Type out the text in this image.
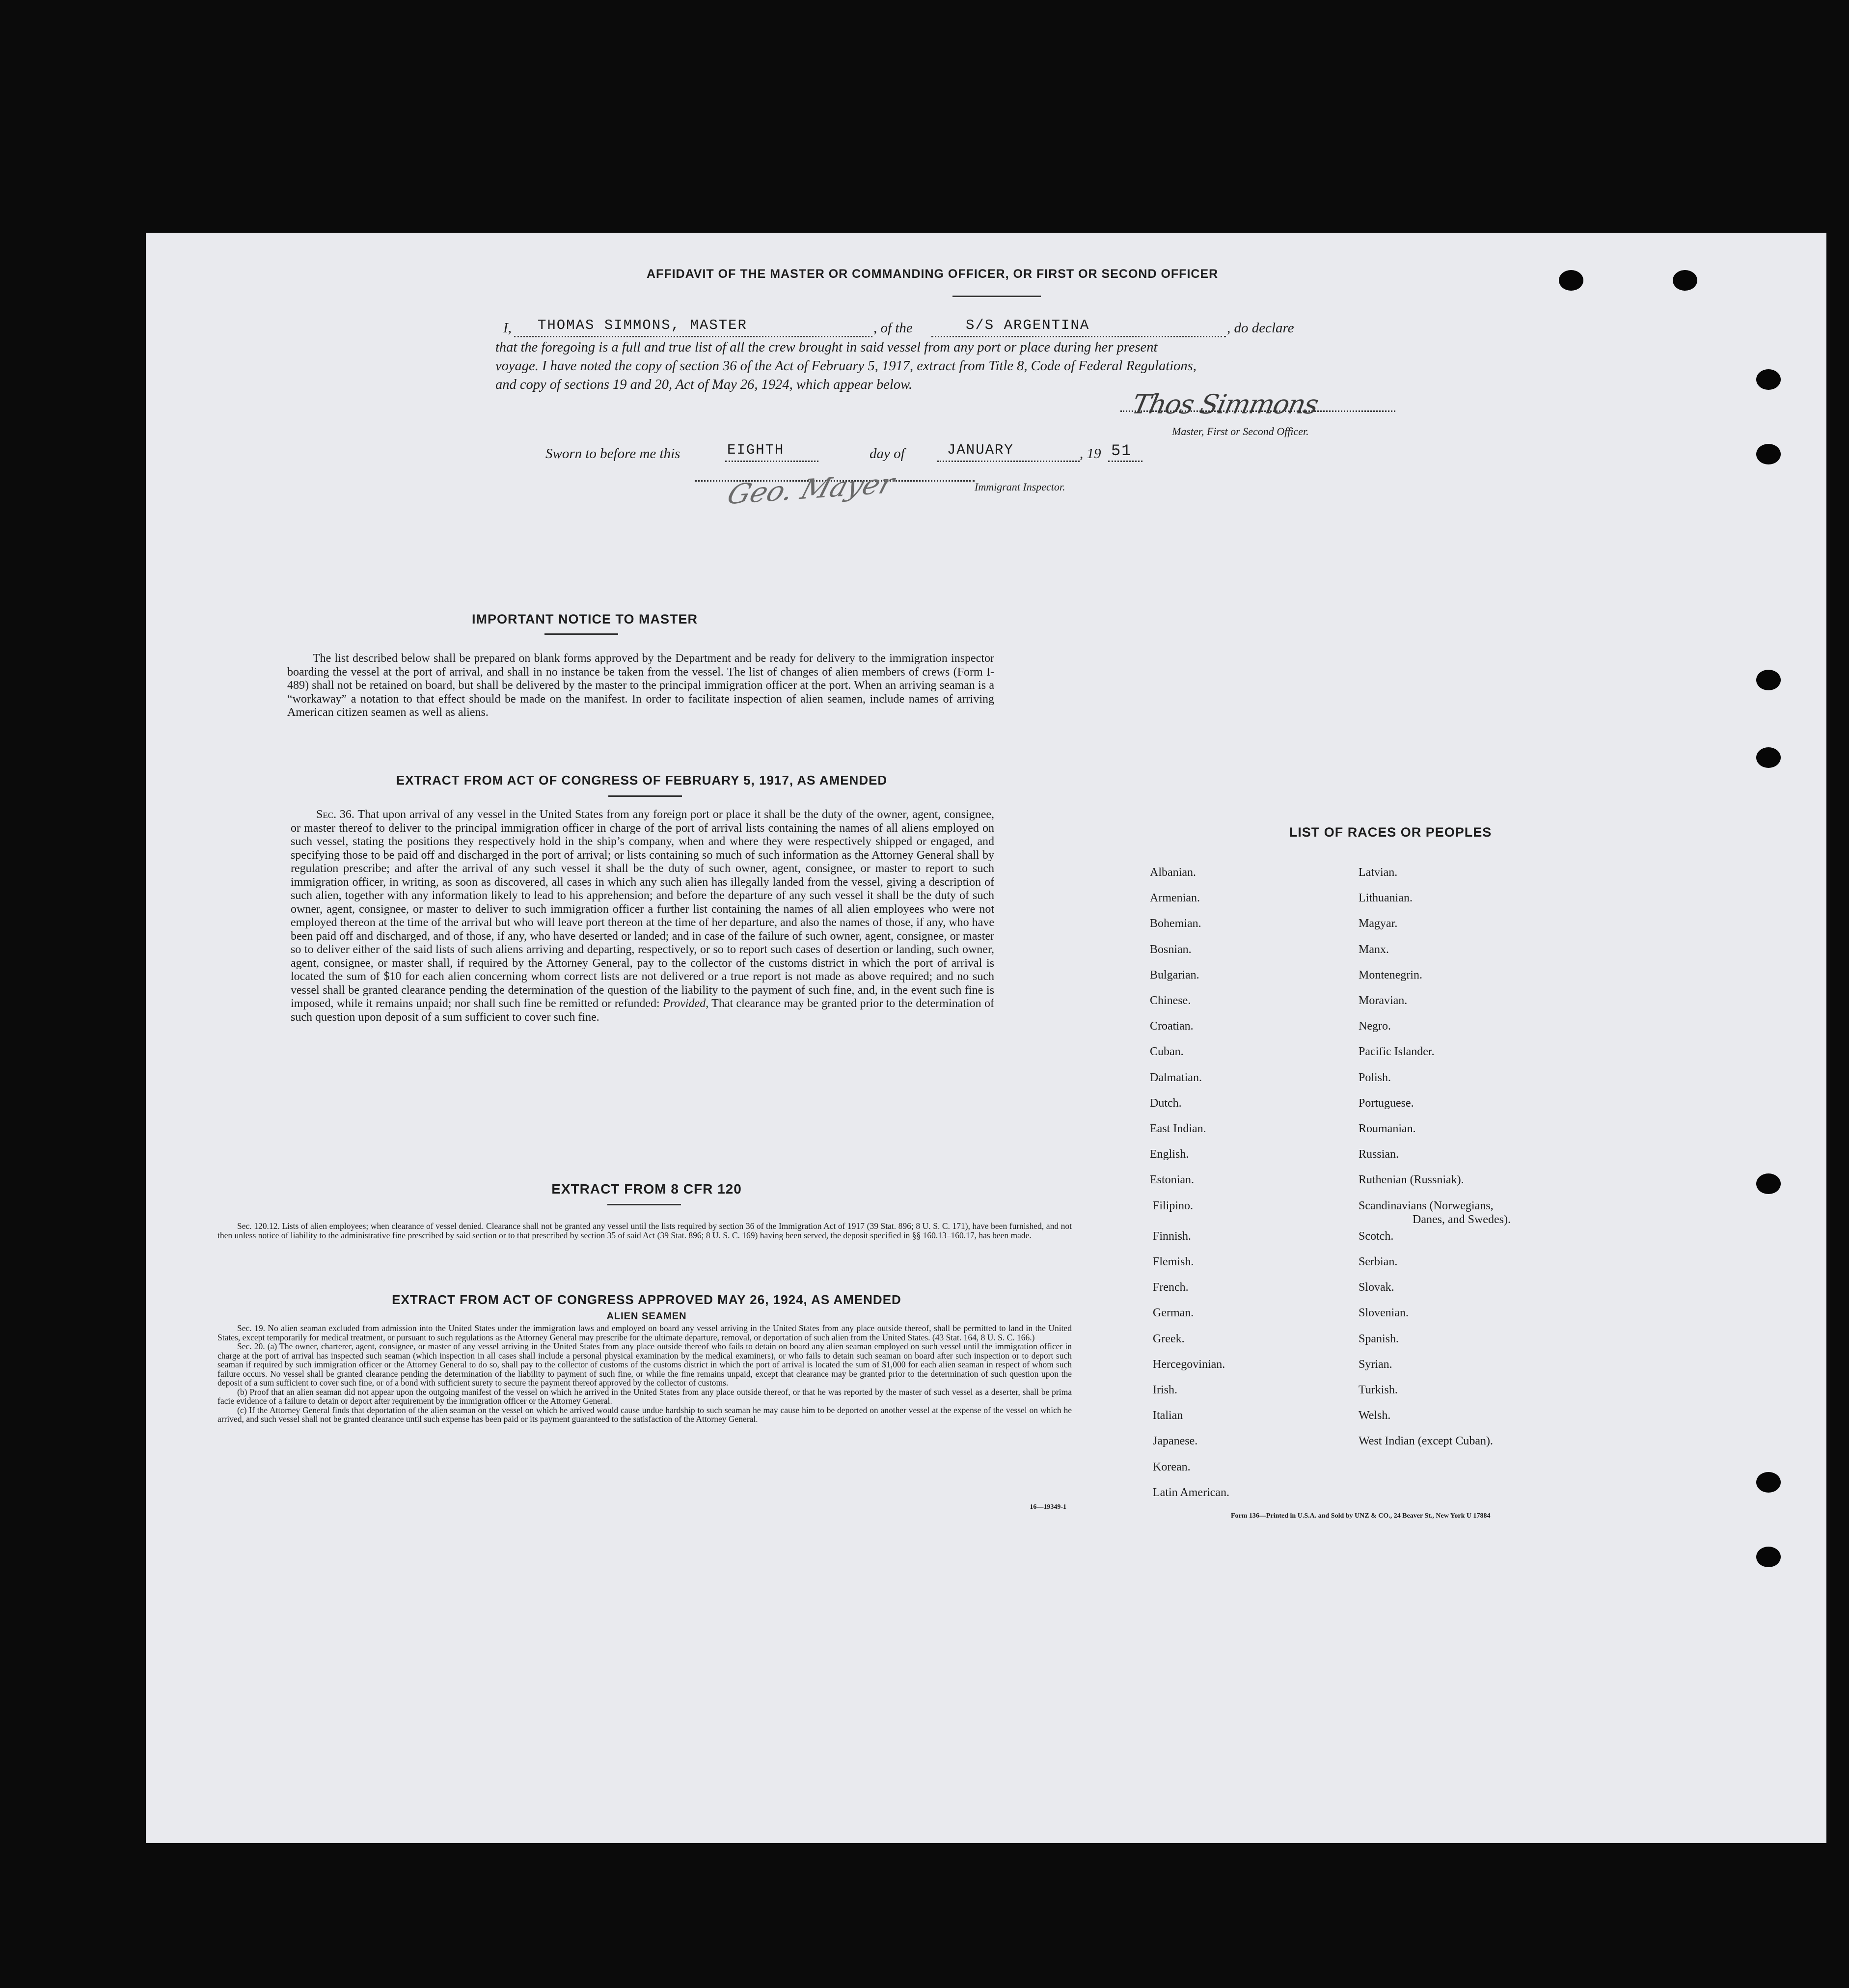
AFFIDAVIT OF THE MASTER OR COMMANDING OFFICER, OR FIRST OR SECOND OFFICER
I, THOMAS SIMMONS, MASTER	, of the	S/S ARGENTINA	, do declare
that the foregoing is a full and true list of all the crew brought in said vessel from any port or place during her present
voyage. I have noted the copy of section 36 of the Act of February 5, 1917, extract from Title 8, Code of Federal Regulations,
and copy of sections 19 and 20, Act of May 26, 1924, which appear below.
Thos Simmons
Master, First or Second Officer.
Sworn to before me this	EIGHTH	day of	JANUARY	, 19 51
Geo. Mayer	Immigrant Inspector.
IMPORTANT NOTICE TO MASTER
The list described below shall be prepared on blank forms approved by the Department and be ready for delivery to the immigration inspector boarding the vessel at the port of arrival, and shall in no instance be taken from the vessel. The list of changes of alien members of crews (Form I-489) shall not be retained on board, but shall be delivered by the master to the principal immigration officer at the port. When an arriving seaman is a “workaway” a notation to that effect should be made on the manifest. In order to facilitate inspection of alien seamen, include names of arriving American citizen seamen as well as aliens.
EXTRACT FROM ACT OF CONGRESS OF FEBRUARY 5, 1917, AS AMENDED
Sec. 36. That upon arrival of any vessel in the United States from any foreign port or place it shall be the duty of the owner, agent, consignee, or master thereof to deliver to the principal immigration officer in charge of the port of arrival lists containing the names of all aliens employed on such vessel, stating the positions they respectively hold in the ship’s company, when and where they were respectively shipped or engaged, and specifying those to be paid off and discharged in the port of arrival; or lists containing so much of such information as the Attorney General shall by regulation prescribe; and after the arrival of any such vessel it shall be the duty of such owner, agent, consignee, or master to report to such immigration officer, in writing, as soon as discovered, all cases in which any such alien has illegally landed from the vessel, giving a description of such alien, together with any information likely to lead to his apprehension; and before the departure of any such vessel it shall be the duty of such owner, agent, consignee, or master to deliver to such immigration officer a further list containing the names of all alien employees who were not employed thereon at the time of the arrival but who will leave port thereon at the time of her departure, and also the names of those, if any, who have been paid off and discharged, and of those, if any, who have deserted or landed; and in case of the failure of such owner, agent, consignee, or master so to deliver either of the said lists of such aliens arriving and departing, respectively, or so to report such cases of desertion or landing, such owner, agent, consignee, or master shall, if required by the Attorney General, pay to the collector of the customs district in which the port of arrival is located the sum of $10 for each alien concerning whom correct lists are not delivered or a true report is not made as above required; and no such vessel shall be granted clearance pending the determination of the question of the liability to the payment of such fine, and, in the event such fine is imposed, while it remains unpaid; nor shall such fine be remitted or refunded: Provided, That clearance may be granted prior to the determination of such question upon deposit of a sum sufficient to cover such fine.
EXTRACT FROM 8 CFR 120
Sec. 120.12. Lists of alien employees; when clearance of vessel denied. Clearance shall not be granted any vessel until the lists required by section 36 of the Immigration Act of 1917 (39 Stat. 896; 8 U. S. C. 171), have been furnished, and not then unless notice of liability to the administrative fine prescribed by said section or to that prescribed by section 35 of said Act (39 Stat. 896; 8 U. S. C. 169) having been served, the deposit specified in §§ 160.13–160.17, has been made.
EXTRACT FROM ACT OF CONGRESS APPROVED MAY 26, 1924, AS AMENDED
ALIEN SEAMEN
Sec. 19. No alien seaman excluded from admission into the United States under the immigration laws and employed on board any vessel arriving in the United States from any place outside thereof, shall be permitted to land in the United States, except temporarily for medical treatment, or pursuant to such regulations as the Attorney General may prescribe for the ultimate departure, removal, or deportation of such alien from the United States. (43 Stat. 164, 8 U. S. C. 166.)
Sec. 20. (a) The owner, charterer, agent, consignee, or master of any vessel arriving in the United States from any place outside thereof who fails to detain on board any alien seaman employed on such vessel until the immigration officer in charge at the port of arrival has inspected such seaman (which inspection in all cases shall include a personal physical examination by the medical examiners), or who fails to detain such seaman on board after such inspection or to deport such seaman if required by such immigration officer or the Attorney General to do so, shall pay to the collector of customs of the customs district in which the port of arrival is located the sum of $1,000 for each alien seaman in respect of whom such failure occurs. No vessel shall be granted clearance pending the determination of the liability to payment of such fine, or while the fine remains unpaid, except that clearance may be granted prior to the determination of such question upon the deposit of a sum sufficient to cover such fine, or of a bond with sufficient surety to secure the payment thereof approved by the collector of customs.
(b) Proof that an alien seaman did not appear upon the outgoing manifest of the vessel on which he arrived in the United States from any place outside thereof, or that he was reported by the master of such vessel as a deserter, shall be prima facie evidence of a failure to detain or deport after requirement by the immigration officer or the Attorney General.
(c) If the Attorney General finds that deportation of the alien seaman on the vessel on which he arrived would cause undue hardship to such seaman he may cause him to be deported on another vessel at the expense of the vessel on which he arrived, and such vessel shall not be granted clearance until such expense has been paid or its payment guaranteed to the satisfaction of the Attorney General.
16—19349-1
LIST OF RACES OR PEOPLES
Albanian.
Armenian.
Bohemian.
Bosnian.
Bulgarian.
Chinese.
Croatian.
Cuban.
Dalmatian.
Dutch.
East Indian.
English.
Estonian.
Filipino.
Finnish.
Flemish.
French.
German.
Greek.
Hercegovinian.
Irish.
Italian
Japanese.
Korean.
Latin American.
Latvian.
Lithuanian.
Magyar.
Manx.
Montenegrin.
Moravian.
Negro.
Pacific Islander.
Polish.
Portuguese.
Roumanian.
Russian.
Ruthenian (Russniak).
Scandinavians (Norwegians,
Danes, and Swedes).
Scotch.
Serbian.
Slovak.
Slovenian.
Spanish.
Syrian.
Turkish.
Welsh.
West Indian (except Cuban).
Form 136—Printed in U.S.A. and Sold by UNZ & CO., 24 Beaver St., New York U 17884
